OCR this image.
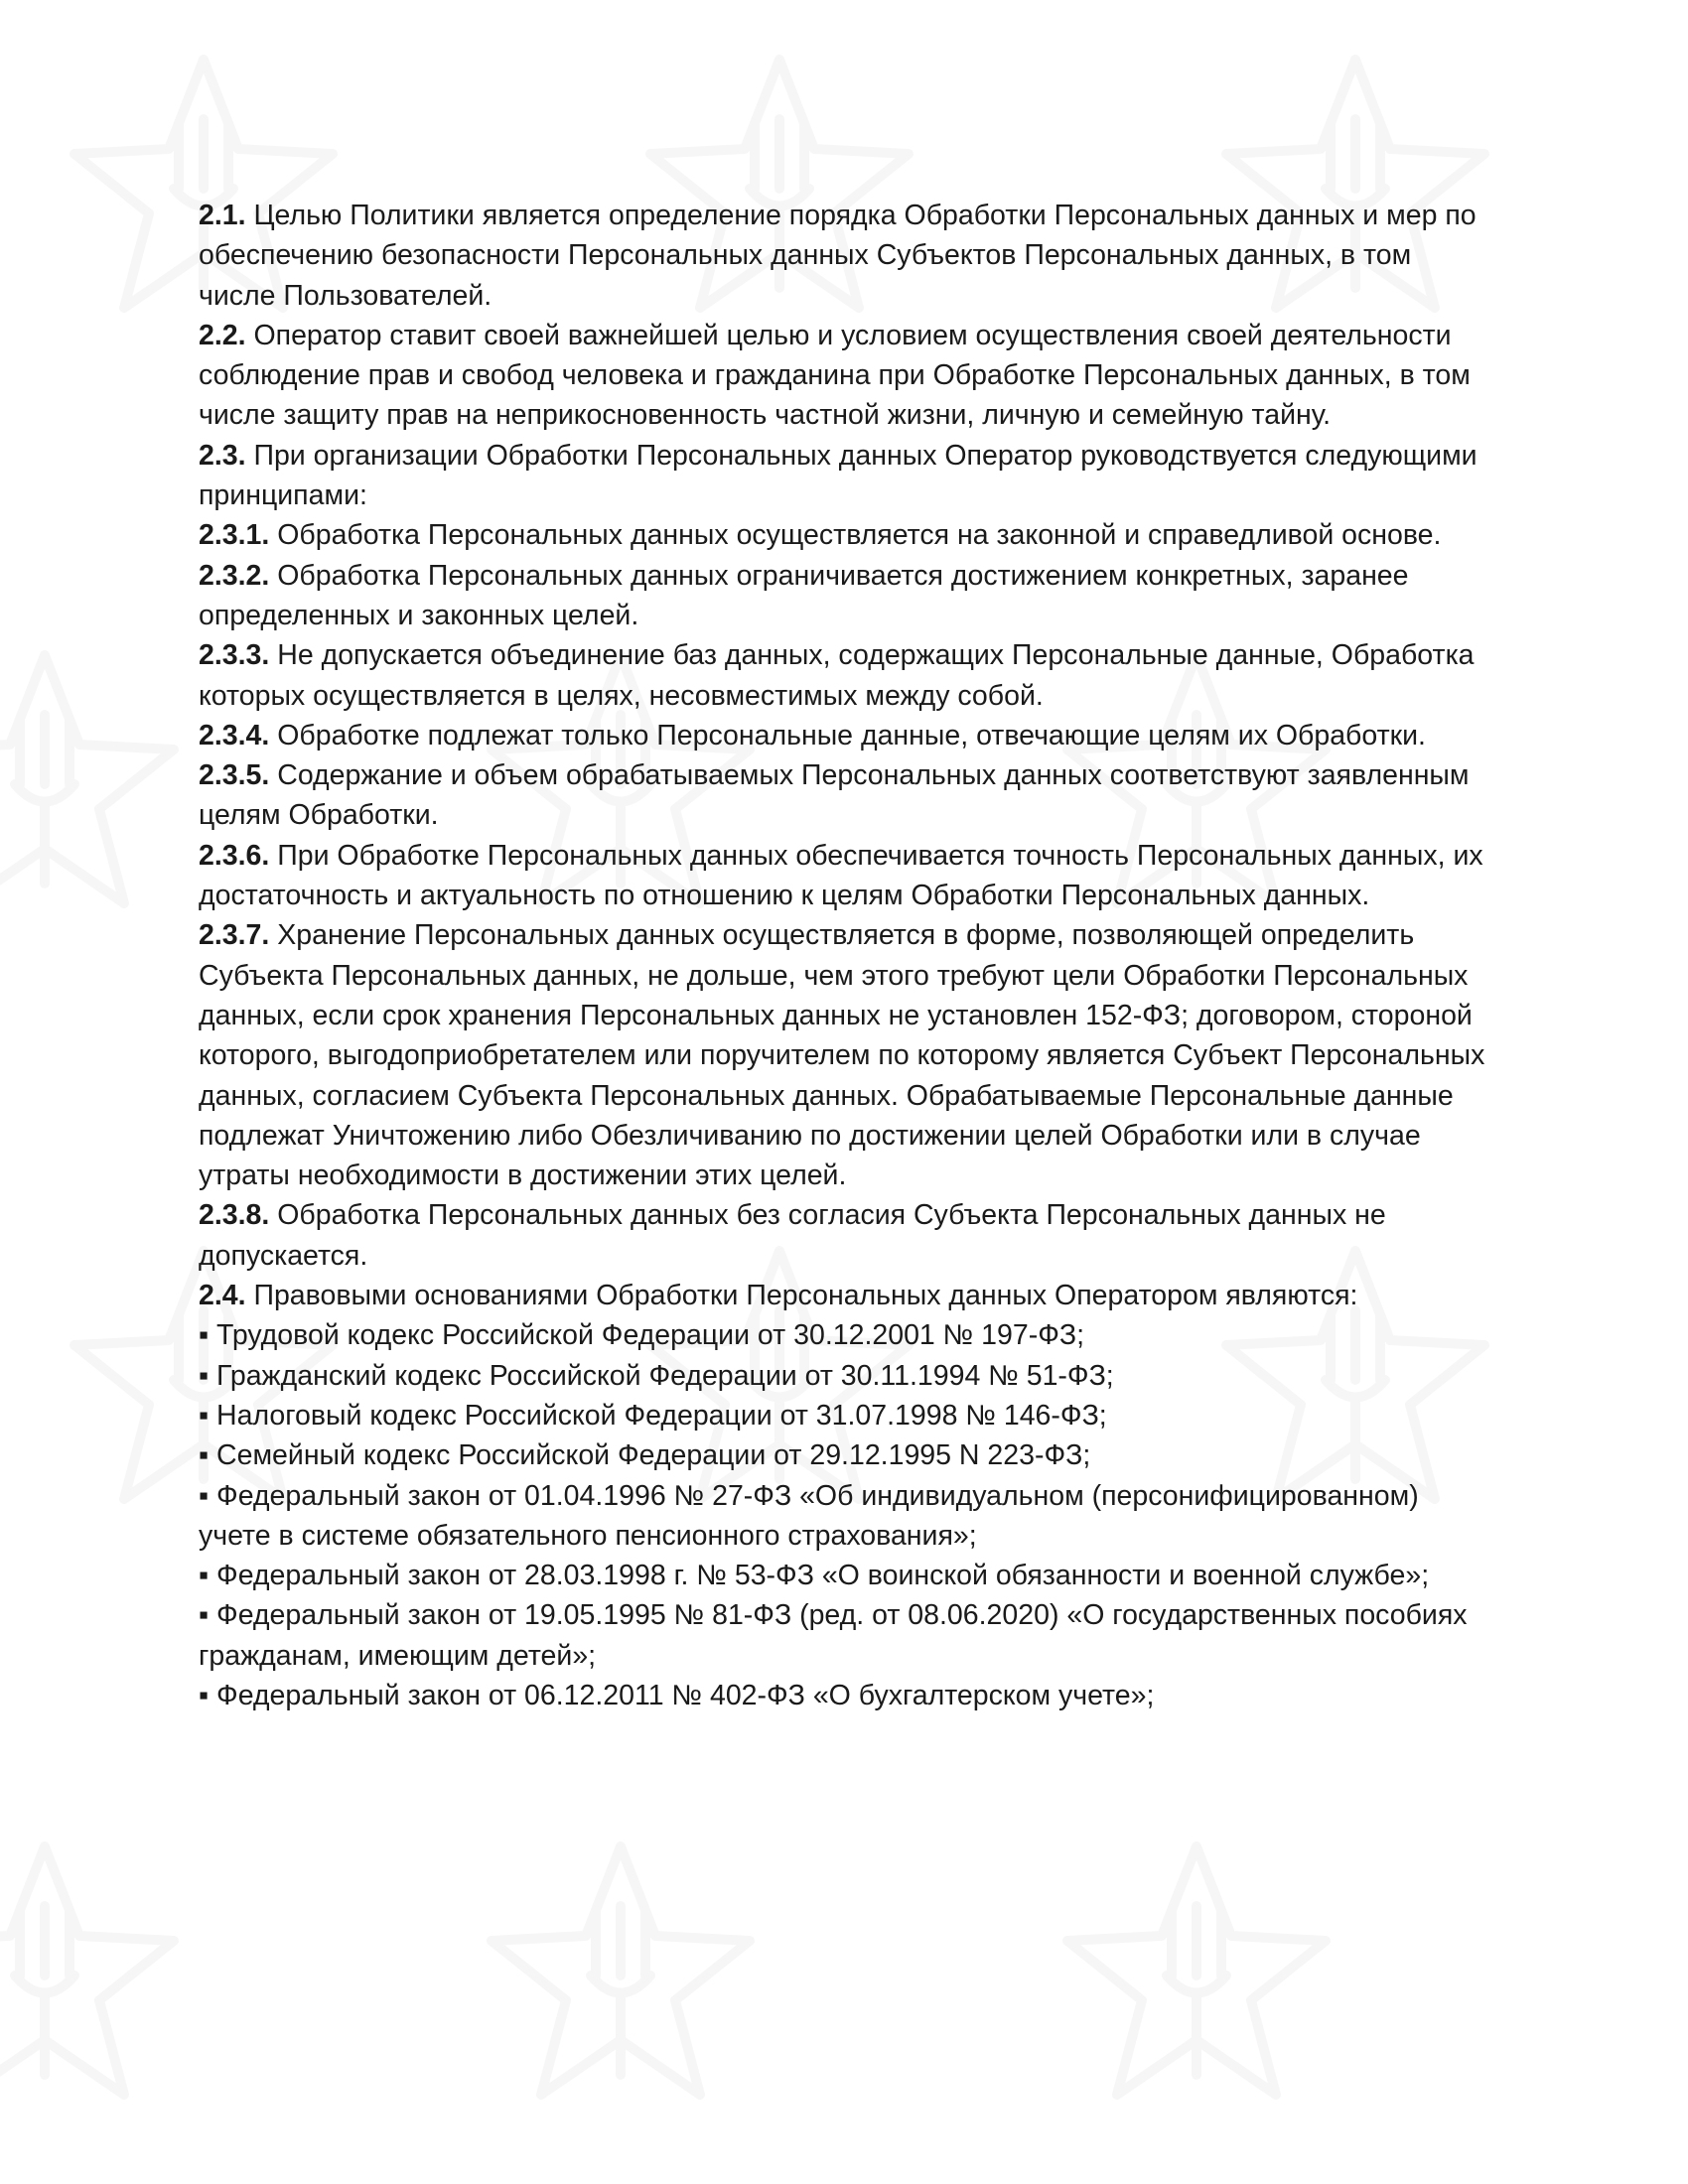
2.1. Целью Политики является определение порядка Обработки Персональных данных и мер по обеспечению безопасности Персональных данных Субъектов Персональных данных, в том числе Пользователей.

2.2. Оператор ставит своей важнейшей целью и условием осуществления своей деятельности соблюдение прав и свобод человека и гражданина при Обработке Персональных данных, в том числе защиту прав на неприкосновенность частной жизни, личную и семейную тайну.

2.3. При организации Обработки Персональных данных Оператор руководствуется следующими принципами:

2.3.1. Обработка Персональных данных осуществляется на законной и справедливой основе.

2.3.2. Обработка Персональных данных ограничивается достижением конкретных, заранее определенных и законных целей.

2.3.3. Не допускается объединение баз данных, содержащих Персональные данные, Обработка которых осуществляется в целях, несовместимых между собой.

2.3.4. Обработке подлежат только Персональные данные, отвечающие целям их Обработки.

2.3.5. Содержание и объем обрабатываемых Персональных данных соответствуют заявленным целям Обработки.

2.3.6. При Обработке Персональных данных обеспечивается точность Персональных данных, их достаточность и актуальность по отношению к целям Обработки Персональных данных.

2.3.7. Хранение Персональных данных осуществляется в форме, позволяющей определить Субъекта Персональных данных, не дольше, чем этого требуют цели Обработки Персональных данных, если срок хранения Персональных данных не установлен 152-ФЗ; договором, стороной которого, выгодоприобретателем или поручителем по которому является Субъект Персональных данных, согласием Субъекта Персональных данных. Обрабатываемые Персональные данные подлежат Уничтожению либо Обезличиванию по достижении целей Обработки или в случае утраты необходимости в достижении этих целей.

2.3.8. Обработка Персональных данных без согласия Субъекта Персональных данных не допускается.

2.4. Правовыми основаниями Обработки Персональных данных Оператором являются:

▪ Трудовой кодекс Российской Федерации от 30.12.2001 № 197-ФЗ;

▪ Гражданский кодекс Российской Федерации от 30.11.1994 № 51-ФЗ;

▪ Налоговый кодекс Российской Федерации от 31.07.1998 № 146-ФЗ;

▪ Семейный кодекс Российской Федерации от 29.12.1995 N 223-ФЗ;

▪ Федеральный закон от 01.04.1996 № 27-ФЗ «Об индивидуальном (персонифицированном) учете в системе обязательного пенсионного страхования»;

▪ Федеральный закон от 28.03.1998 г. № 53-ФЗ «О воинской обязанности и военной службе»;

▪ Федеральный закон от 19.05.1995 № 81-ФЗ (ред. от 08.06.2020) «О государственных пособиях гражданам, имеющим детей»;

▪ Федеральный закон от 06.12.2011 № 402-ФЗ «О бухгалтерском учете»;
